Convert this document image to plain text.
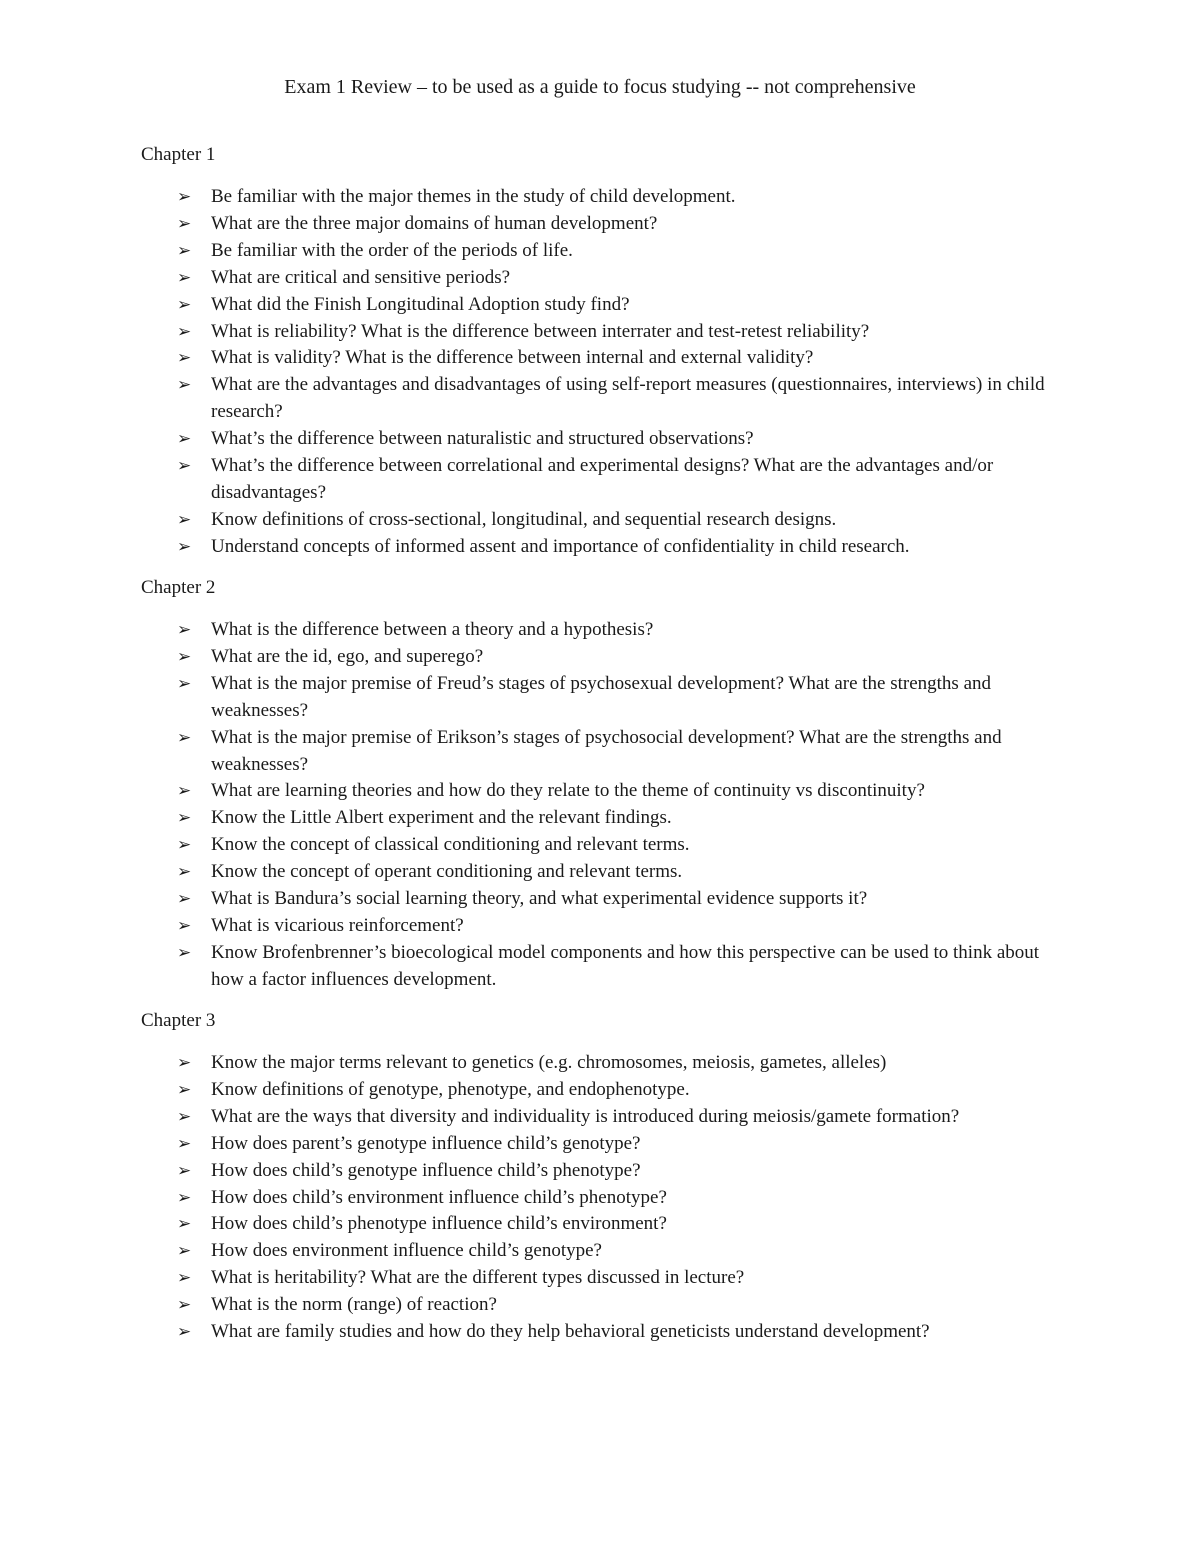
Exam 1 Review – to be used as a guide to focus studying -- not comprehensive
Chapter 1
➢ Be familiar with the major themes in the study of child development.
➢ What are the three major domains of human development?
➢ Be familiar with the order of the periods of life.
➢ What are critical and sensitive periods?
➢ What did the Finish Longitudinal Adoption study find?
➢ What is reliability? What is the difference between interrater and test-retest reliability?
➢ What is validity? What is the difference between internal and external validity?
➢ What are the advantages and disadvantages of using self-report measures (questionnaires, interviews) in child research?
➢ What’s the difference between naturalistic and structured observations?
➢ What’s the difference between correlational and experimental designs? What are the advantages and/or disadvantages?
➢ Know definitions of cross-sectional, longitudinal, and sequential research designs.
➢ Understand concepts of informed assent and importance of confidentiality in child research.
Chapter 2
➢ What is the difference between a theory and a hypothesis?
➢ What are the id, ego, and superego?
➢ What is the major premise of Freud’s stages of psychosexual development? What are the strengths and weaknesses?
➢ What is the major premise of Erikson’s stages of psychosocial development? What are the strengths and weaknesses?
➢ What are learning theories and how do they relate to the theme of continuity vs discontinuity?
➢ Know the Little Albert experiment and the relevant findings.
➢ Know the concept of classical conditioning and relevant terms.
➢ Know the concept of operant conditioning and relevant terms.
➢ What is Bandura’s social learning theory, and what experimental evidence supports it?
➢ What is vicarious reinforcement?
➢ Know Brofenbrenner’s bioecological model components and how this perspective can be used to think about how a factor influences development.
Chapter 3
➢ Know the major terms relevant to genetics (e.g. chromosomes, meiosis, gametes, alleles)
➢ Know definitions of genotype, phenotype, and endophenotype.
➢ What are the ways that diversity and individuality is introduced during meiosis/gamete formation?
➢ How does parent’s genotype influence child’s genotype?
➢ How does child’s genotype influence child’s phenotype?
➢ How does child’s environment influence child’s phenotype?
➢ How does child’s phenotype influence child’s environment?
➢ How does environment influence child’s genotype?
➢ What is heritability? What are the different types discussed in lecture?
➢ What is the norm (range) of reaction?
➢ What are family studies and how do they help behavioral geneticists understand development?
